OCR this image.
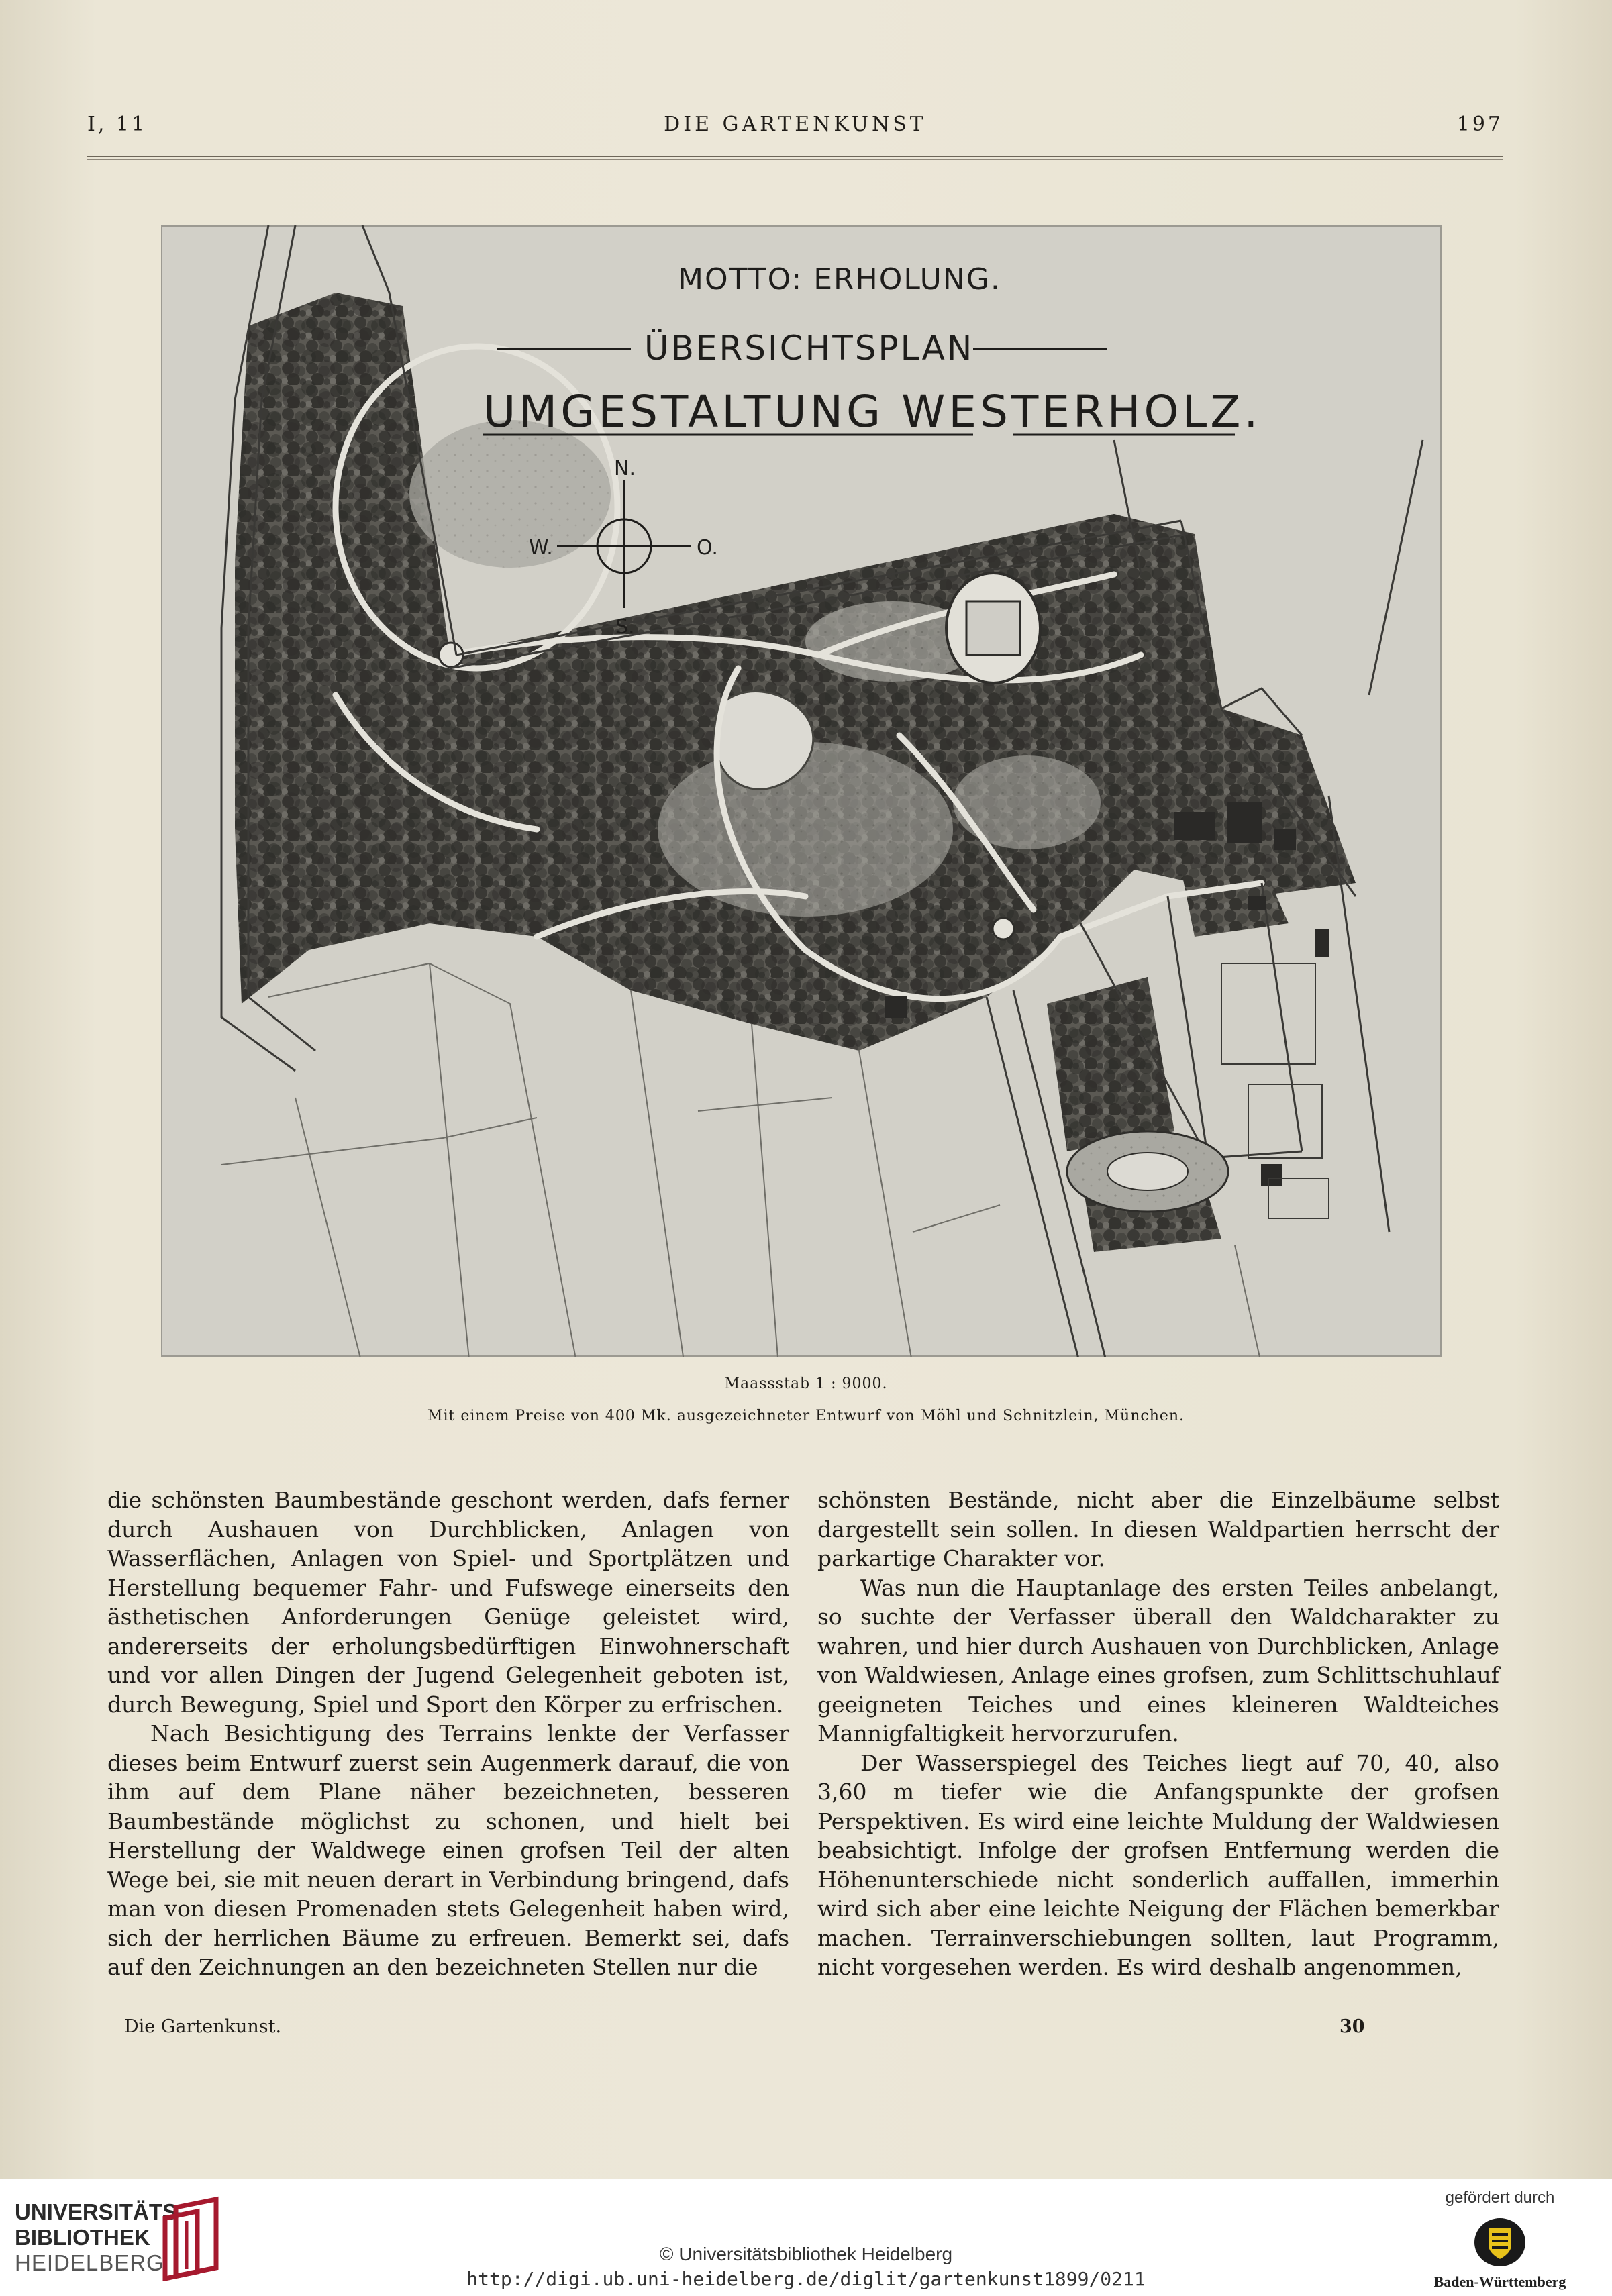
I, 11	DIE GARTENKUNST	197
MOTTO: ERHOLUNG.
ÜBERSICHTSPLAN
UMGESTALTUNG WESTERHOLZ.
N.
S.
W.	O.
Maassstab 1 : 9000.
Mit einem Preise von 400 Mk. ausgezeichneter Entwurf von Möhl und Schnitzlein, München.

die schönsten Baumbestände geschont werden, dafs ferner durch Aushauen von Durchblicken, Anlagen von Wasserflächen, Anlagen von Spiel- und Sportplätzen und Herstellung bequemer Fahr- und Fufswege einerseits den ästhetischen Anforderungen Genüge geleistet wird, andererseits der erholungsbedürftigen Einwohnerschaft und vor allen Dingen der Jugend Gelegenheit geboten ist, durch Bewegung, Spiel und Sport den Körper zu erfrischen.

Nach Besichtigung des Terrains lenkte der Verfasser dieses beim Entwurf zuerst sein Augenmerk darauf, die von ihm auf dem Plane näher bezeichneten, besseren Baumbestände möglichst zu schonen, und hielt bei Herstellung der Waldwege einen grofsen Teil der alten Wege bei, sie mit neuen derart in Verbindung bringend, dafs man von diesen Promenaden stets Gelegenheit haben wird, sich der herrlichen Bäume zu erfreuen. Bemerkt sei, dafs auf den Zeichnungen an den bezeichneten Stellen nur die

schönsten Bestände, nicht aber die Einzelbäume selbst dargestellt sein sollen. In diesen Waldpartien herrscht der parkartige Charakter vor.

Was nun die Hauptanlage des ersten Teiles anbelangt, so suchte der Verfasser überall den Waldcharakter zu wahren, und hier durch Aushauen von Durchblicken, Anlage von Waldwiesen, Anlage eines grofsen, zum Schlittschuhlauf geeigneten Teiches und eines kleineren Waldteiches Mannigfaltigkeit hervorzurufen.

Der Wasserspiegel des Teiches liegt auf 70, 40, also 3,60 m tiefer wie die Anfangspunkte der grofsen Perspektiven. Es wird eine leichte Muldung der Waldwiesen beabsichtigt. Infolge der grofsen Entfernung werden die Höhenunterschiede nicht sonderlich auffallen, immerhin wird sich aber eine leichte Neigung der Flächen bemerkbar machen. Terrainverschiebungen sollten, laut Programm, nicht vorgesehen werden. Es wird deshalb angenommen,

Die Gartenkunst.	30
UNIVERSITÄTS-
BIBLIOTHEK
HEIDELBERG	© Universitätsbibliothek Heidelberg
http://digi.ub.uni-heidelberg.de/diglit/gartenkunst1899/0211
gefördert durch
Baden-Württemberg
